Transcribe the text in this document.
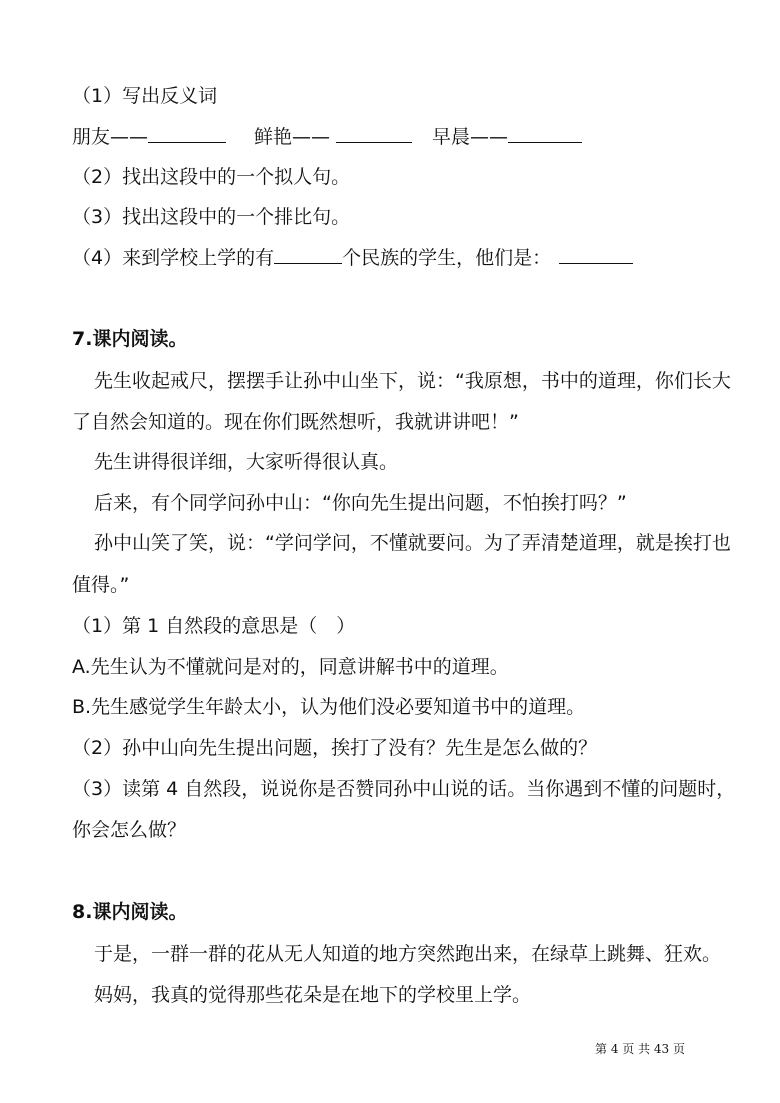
（1）写出反义词
朋友——	鲜艳——	早晨——
（2）找出这段中的一个拟人句。
（3）找出这段中的一个排比句。
（4）来到学校上学的有	个民族的学生，他们是：
7.课内阅读。
先生收起戒尺，摆摆手让孙中山坐下，说：“我原想，书中的道理，你们长大
了自然会知道的。现在你们既然想听，我就讲讲吧！”
先生讲得很详细，大家听得很认真。
后来，有个同学问孙中山：“你向先生提出问题，不怕挨打吗？”
孙中山笑了笑，说：“学问学问，不懂就要问。为了弄清楚道理，就是挨打也
值得。”
（1）第 1 自然段的意思是（　）
A.先生认为不懂就问是对的，同意讲解书中的道理。
B.先生感觉学生年龄太小，认为他们没必要知道书中的道理。
（2）孙中山向先生提出问题，挨打了没有？先生是怎么做的？
（3）读第 4 自然段，说说你是否赞同孙中山说的话。当你遇到不懂的问题时，
你会怎么做？
8.课内阅读。
于是，一群一群的花从无人知道的地方突然跑出来，在绿草上跳舞、狂欢。
妈妈，我真的觉得那些花朵是在地下的学校里上学。
第 4 页 共 43 页
